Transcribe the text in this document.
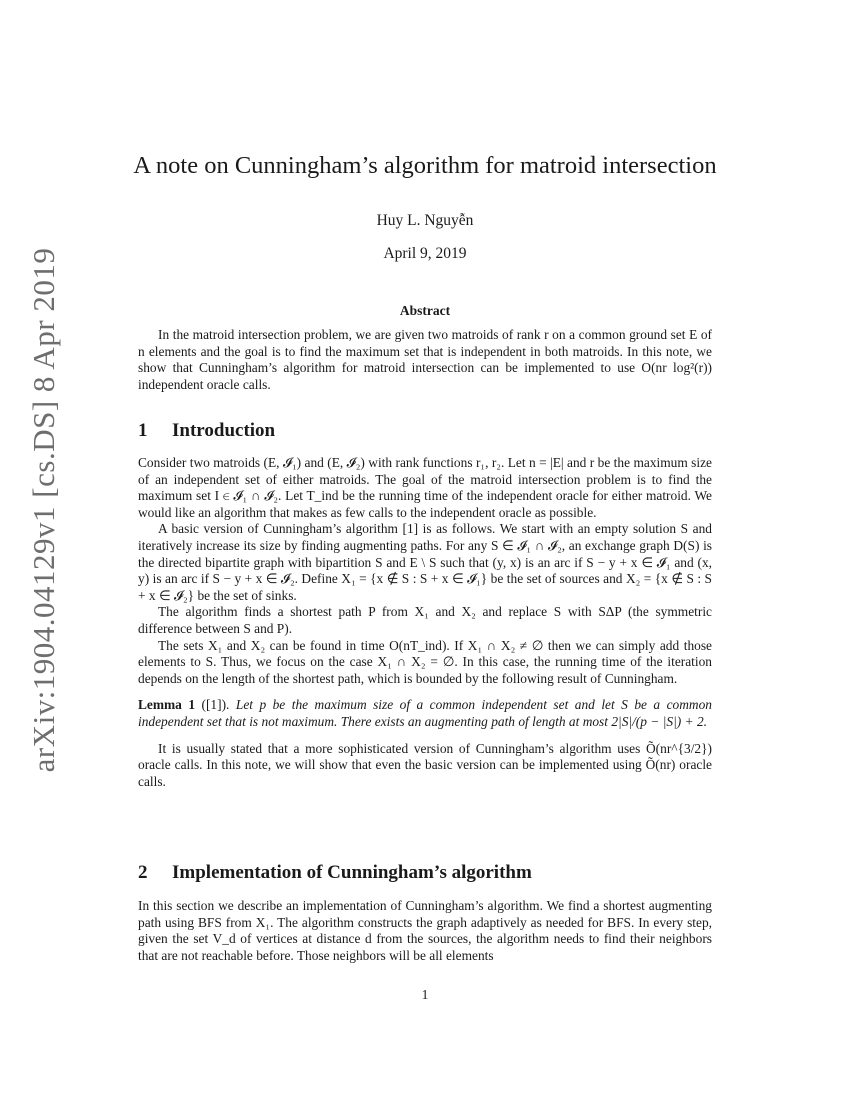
arXiv:1904.04129v1 [cs.DS] 8 Apr 2019
A note on Cunningham’s algorithm for matroid intersection
Huy L. Nguyễn
April 9, 2019
Abstract
In the matroid intersection problem, we are given two matroids of rank r on a common ground set E of n elements and the goal is to find the maximum set that is independent in both matroids. In this note, we show that Cunningham’s algorithm for matroid intersection can be implemented to use O(nr log²(r)) independent oracle calls.
1 Introduction

Consider two matroids (E, 𝓘₁) and (E, 𝓘₂) with rank functions r₁, r₂. Let n = |E| and r be the maximum size of an independent set of either matroids. The goal of the matroid intersection problem is to find the maximum set I ∈ 𝓘₁ ∩ 𝓘₂. Let T_ind be the running time of the independent oracle for either matroid. We would like an algorithm that makes as few calls to the independent oracle as possible.

A basic version of Cunningham’s algorithm [1] is as follows. We start with an empty solution S and iteratively increase its size by finding augmenting paths. For any S ∈ 𝓘₁ ∩ 𝓘₂, an exchange graph D(S) is the directed bipartite graph with bipartition S and E \ S such that (y, x) is an arc if S − y + x ∈ 𝓘₁ and (x, y) is an arc if S − y + x ∈ 𝓘₂. Define X₁ = {x ∉ S : S + x ∈ 𝓘₁} be the set of sources and X₂ = {x ∉ S : S + x ∈ 𝓘₂} be the set of sinks.

The algorithm finds a shortest path P from X₁ and X₂ and replace S with SΔP (the symmetric difference between S and P).

The sets X₁ and X₂ can be found in time O(nT_ind). If X₁ ∩ X₂ ≠ ∅ then we can simply add those elements to S. Thus, we focus on the case X₁ ∩ X₂ = ∅. In this case, the running time of the iteration depends on the length of the shortest path, which is bounded by the following result of Cunningham.

Lemma 1 ([1]). Let p be the maximum size of a common independent set and let S be a common independent set that is not maximum. There exists an augmenting path of length at most 2|S|/(p − |S|) + 2.

It is usually stated that a more sophisticated version of Cunningham’s algorithm uses Õ(nr^{3/2}) oracle calls. In this note, we will show that even the basic version can be implemented using Õ(nr) oracle calls.

2 Implementation of Cunningham’s algorithm

In this section we describe an implementation of Cunningham’s algorithm. We find a shortest augmenting path using BFS from X₁. The algorithm constructs the graph adaptively as needed for BFS. In every step, given the set V_d of vertices at distance d from the sources, the algorithm needs to find their neighbors that are not reachable before. Those neighbors will be all elements

1
